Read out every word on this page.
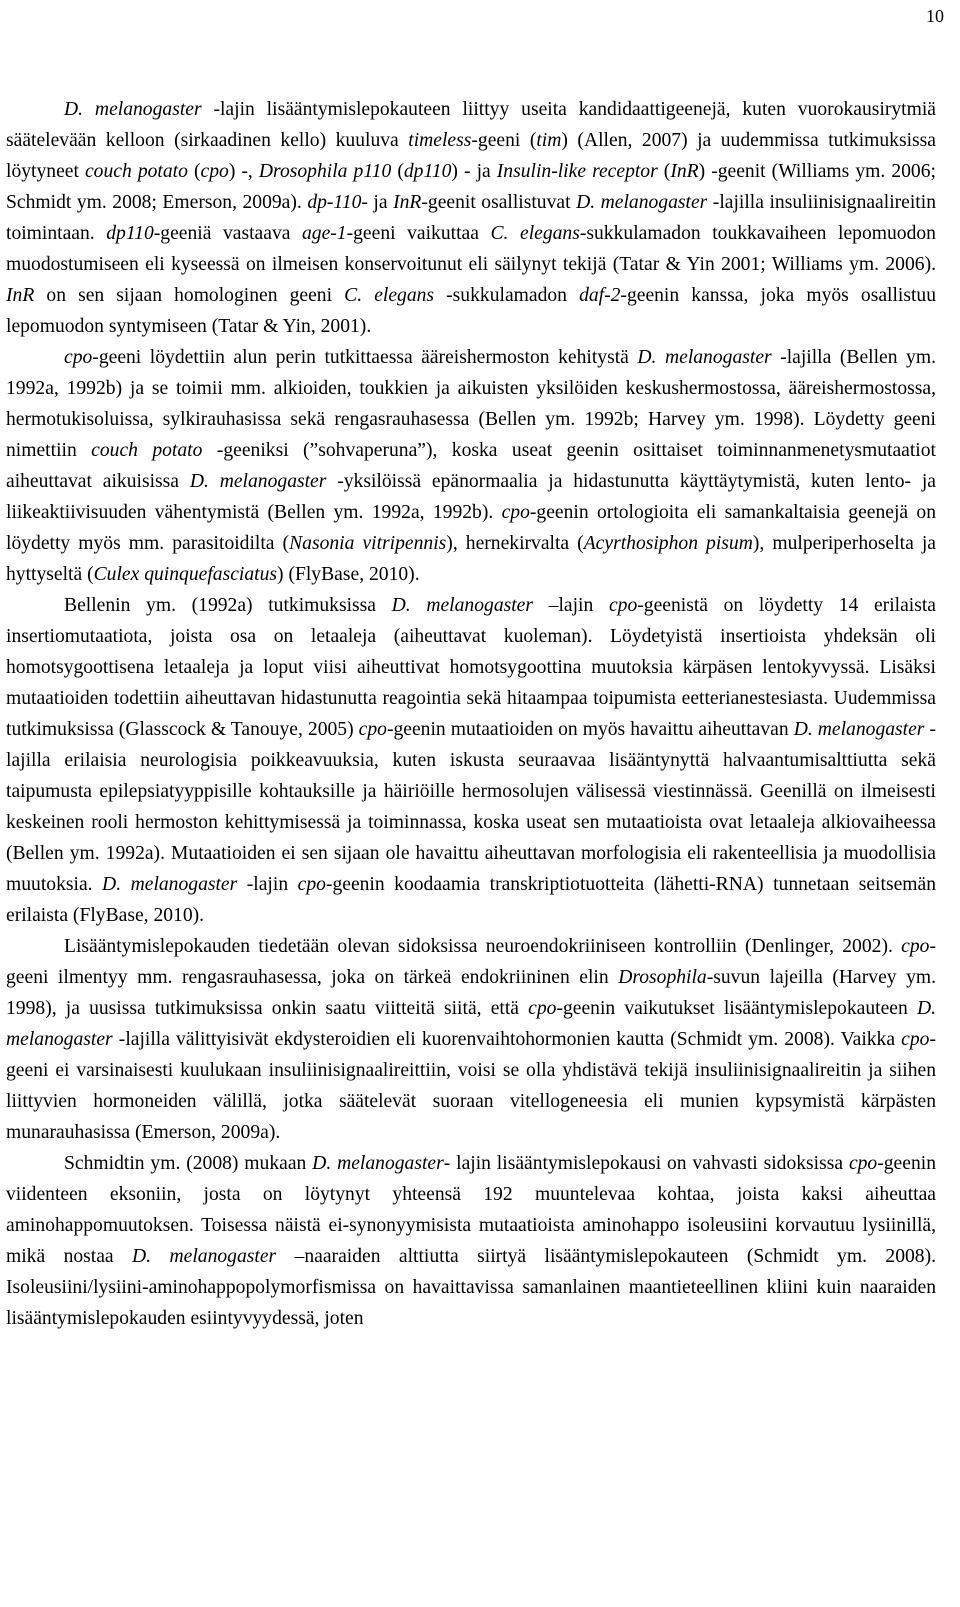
10

D. melanogaster -lajin lisääntymislepokauteen liittyy useita kandidaattigeenejä, kuten vuorokausirytmiä säätelevään kelloon (sirkaadinen kello) kuuluva timeless-geeni (tim) (Allen, 2007) ja uudemmissa tutkimuksissa löytyneet couch potato (cpo) -, Drosophila p110 (dp110) - ja Insulin-like receptor (InR) -geenit (Williams ym. 2006; Schmidt ym. 2008; Emerson, 2009a). dp-110- ja InR-geenit osallistuvat D. melanogaster -lajilla insuliinisignaalireitin toimintaan. dp110-geeniä vastaava age-1-geeni vaikuttaa C. elegans-sukkulamadon toukkavaiheen lepomuodon muodostumiseen eli kyseessä on ilmeisen konservoitunut eli säilynyt tekijä (Tatar & Yin 2001; Williams ym. 2006). InR on sen sijaan homologinen geeni C. elegans -sukkulamadon daf-2-geenin kanssa, joka myös osallistuu lepomuodon syntymiseen (Tatar & Yin, 2001).

cpo-geeni löydettiin alun perin tutkittaessa ääreishermoston kehitystä D. melanogaster -lajilla (Bellen ym. 1992a, 1992b) ja se toimii mm. alkioiden, toukkien ja aikuisten yksilöiden keskushermostossa, ääreishermostossa, hermotukisoluissa, sylkirauhasissa sekä rengasrauhasessa (Bellen ym. 1992b; Harvey ym. 1998). Löydetty geeni nimettiin couch potato -geeniksi (”sohvaperuna”), koska useat geenin osittaiset toiminnanmenetysmutaatiot aiheuttavat aikuisissa D. melanogaster -yksilöissä epänormaalia ja hidastunutta käyttäytymistä, kuten lento- ja liikeaktiivisuuden vähentymistä (Bellen ym. 1992a, 1992b). cpo-geenin ortologioita eli samankaltaisia geenejä on löydetty myös mm. parasitoidilta (Nasonia vitripennis), hernekirvalta (Acyrthosiphon pisum), mulperiperhoselta ja hyttyseltä (Culex quinquefasciatus) (FlyBase, 2010).

Bellenin ym. (1992a) tutkimuksissa D. melanogaster –lajin cpo-geenistä on löydetty 14 erilaista insertiomutaatiota, joista osa on letaaleja (aiheuttavat kuoleman). Löydetyistä insertioista yhdeksän oli homotsygoottisena letaaleja ja loput viisi aiheuttivat homotsygoottina muutoksia kärpäsen lentokyvyssä. Lisäksi mutaatioiden todettiin aiheuttavan hidastunutta reagointia sekä hitaampaa toipumista eetterianestesiasta. Uudemmissa tutkimuksissa (Glasscock & Tanouye, 2005) cpo-geenin mutaatioiden on myös havaittu aiheuttavan D. melanogaster -lajilla erilaisia neurologisia poikkeavuuksia, kuten iskusta seuraavaa lisääntynyttä halvaantumisalttiutta sekä taipumusta epilepsiatyyppisille kohtauksille ja häiriöille hermosolujen välisessä viestinnässä. Geenillä on ilmeisesti keskeinen rooli hermoston kehittymisessä ja toiminnassa, koska useat sen mutaatioista ovat letaaleja alkiovaiheessa (Bellen ym. 1992a). Mutaatioiden ei sen sijaan ole havaittu aiheuttavan morfologisia eli rakenteellisia ja muodollisia muutoksia. D. melanogaster -lajin cpo-geenin koodaamia transkriptiotuotteita (lähetti-RNA) tunnetaan seitsemän erilaista (FlyBase, 2010).

Lisääntymislepokauden tiedetään olevan sidoksissa neuroendokriiniseen kontrolliin (Denlinger, 2002). cpo-geeni ilmentyy mm. rengasrauhasessa, joka on tärkeä endokriininen elin Drosophila-suvun lajeilla (Harvey ym. 1998), ja uusissa tutkimuksissa onkin saatu viitteitä siitä, että cpo-geenin vaikutukset lisääntymislepokauteen D. melanogaster -lajilla välittyisivät ekdysteroidien eli kuorenvaihtohormonien kautta (Schmidt ym. 2008). Vaikka cpo-geeni ei varsinaisesti kuulukaan insuliinisignaalireittiin, voisi se olla yhdistävä tekijä insuliinisignaalireitin ja siihen liittyvien hormoneiden välillä, jotka säätelevät suoraan vitellogeneesia eli munien kypsymistä kärpästen munarauhasissa (Emerson, 2009a).

Schmidtin ym. (2008) mukaan D. melanogaster- lajin lisääntymislepokausi on vahvasti sidoksissa cpo-geenin viidenteen eksoniin, josta on löytynyt yhteensä 192 muuntelevaa kohtaa, joista kaksi aiheuttaa aminohappomuutoksen. Toisessa näistä ei-synonyymisista mutaatioista aminohappo isoleusiini korvautuu lysiinillä, mikä nostaa D. melanogaster –naaraiden alttiutta siirtyä lisääntymislepokauteen (Schmidt ym. 2008). Isoleusiini/lysiini-aminohappopolymorfismissa on havaittavissa samanlainen maantieteellinen kliini kuin naaraiden lisääntymislepokauden esiintyvyydessä, joten
